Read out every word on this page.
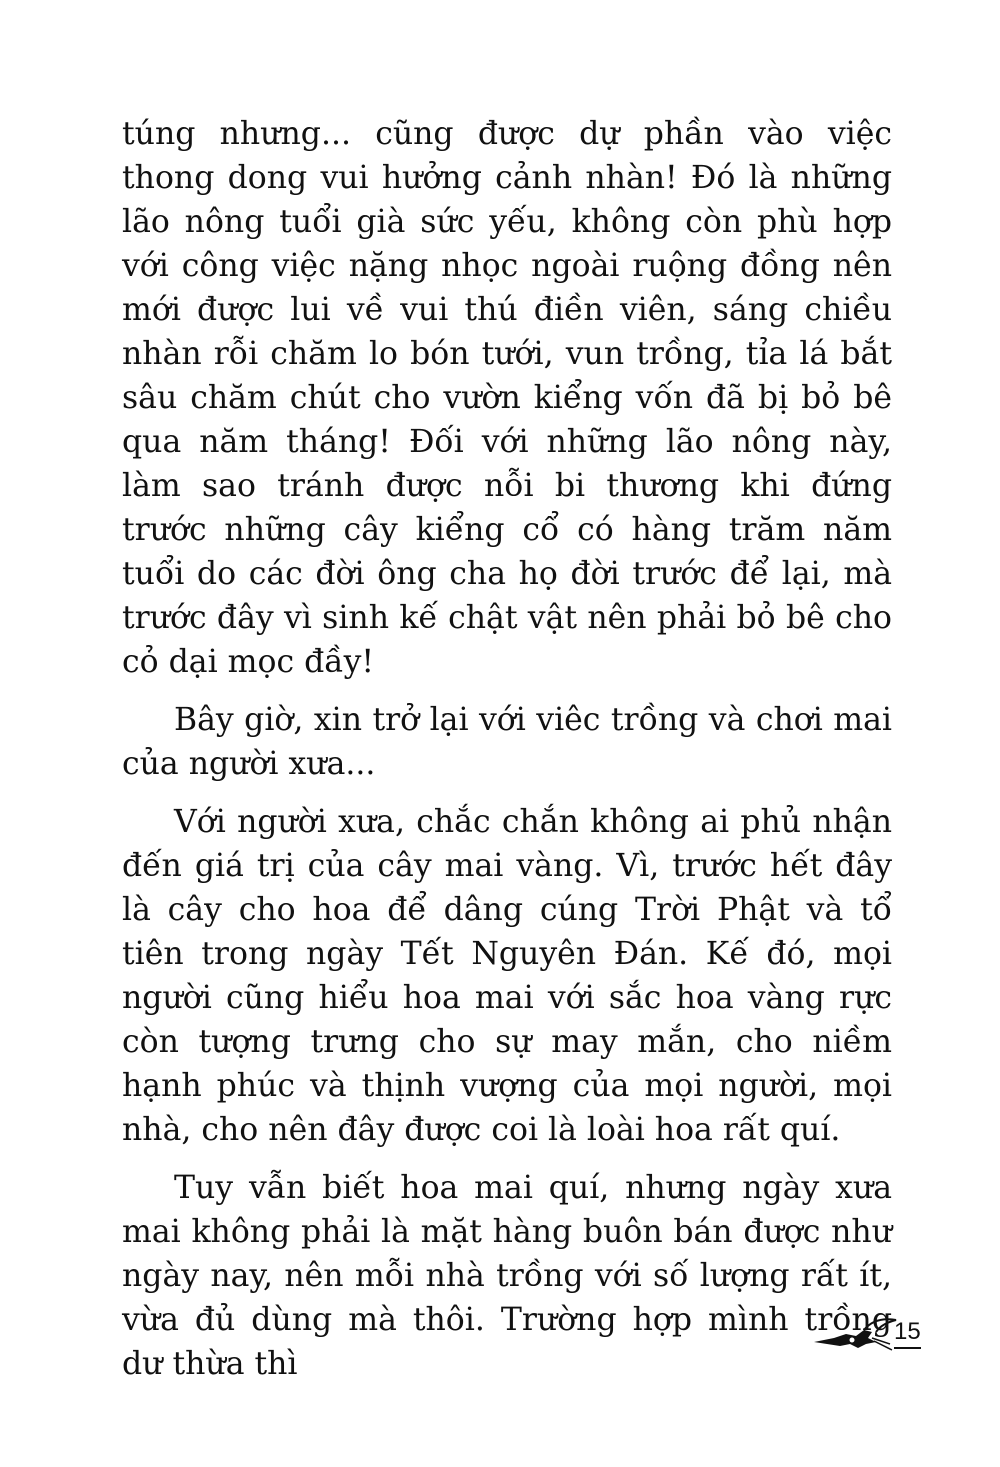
túng nhưng... cũng được dự phần vào việc thong dong vui hưởng cảnh nhàn! Đó là những lão nông tuổi già sức yếu, không còn phù hợp với công việc nặng nhọc ngoài ruộng đồng nên mới được lui về vui thú điền viên, sáng chiều nhàn rỗi chăm lo bón tưới, vun trồng, tỉa lá bắt sâu chăm chút cho vườn kiểng vốn đã bị bỏ bê qua năm tháng! Đối với những lão nông này, làm sao tránh được nỗi bi thương khi đứng trước những cây kiểng cổ có hàng trăm năm tuổi do các đời ông cha họ đời trước để lại, mà trước đây vì sinh kế chật vật nên phải bỏ bê cho cỏ dại mọc đầy!

Bây giờ, xin trở lại với viêc trồng và chơi mai của người xưa...

Với người xưa, chắc chắn không ai phủ nhận đến giá trị của cây mai vàng. Vì, trước hết đây là cây cho hoa để dâng cúng Trời Phật và tổ tiên trong ngày Tết Nguyên Đán. Kế đó, mọi người cũng hiểu hoa mai với sắc hoa vàng rực còn tượng trưng cho sự may mắn, cho niềm hạnh phúc và thịnh vượng của mọi người, mọi nhà, cho nên đây được coi là loài hoa rất quí.

Tuy vẫn biết hoa mai quí, nhưng ngày xưa mai không phải là mặt hàng buôn bán được như ngày nay, nên mỗi nhà trồng với số lượng rất ít, vừa đủ dùng mà thôi. Trường hợp mình trồng dư thừa thì

15
